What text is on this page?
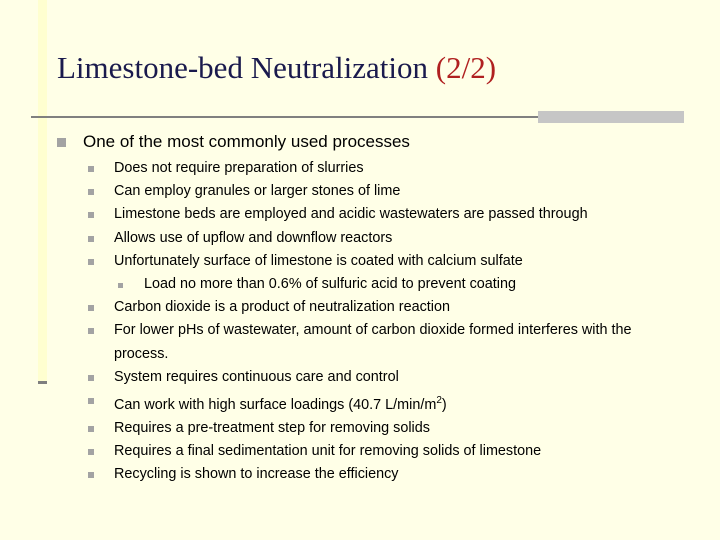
Limestone-bed Neutralization (2/2)
One of the most commonly used processes
Does not require preparation of slurries
Can employ granules or larger stones of lime
Limestone beds are employed and acidic wastewaters are passed through
Allows use of upflow and downflow reactors
Unfortunately surface of limestone is coated with calcium sulfate
Load no more than 0.6% of sulfuric acid to prevent coating
Carbon dioxide is a product of neutralization reaction
For lower pHs of wastewater, amount of carbon dioxide formed interferes with the process.
System requires continuous care and control
Can work with high surface loadings (40.7 $L/\min/m^2$)
Requires a pre-treatment step for removing solids
Requires a final sedimentation unit for removing solids of limestone
Recycling is shown to increase the efficiency
